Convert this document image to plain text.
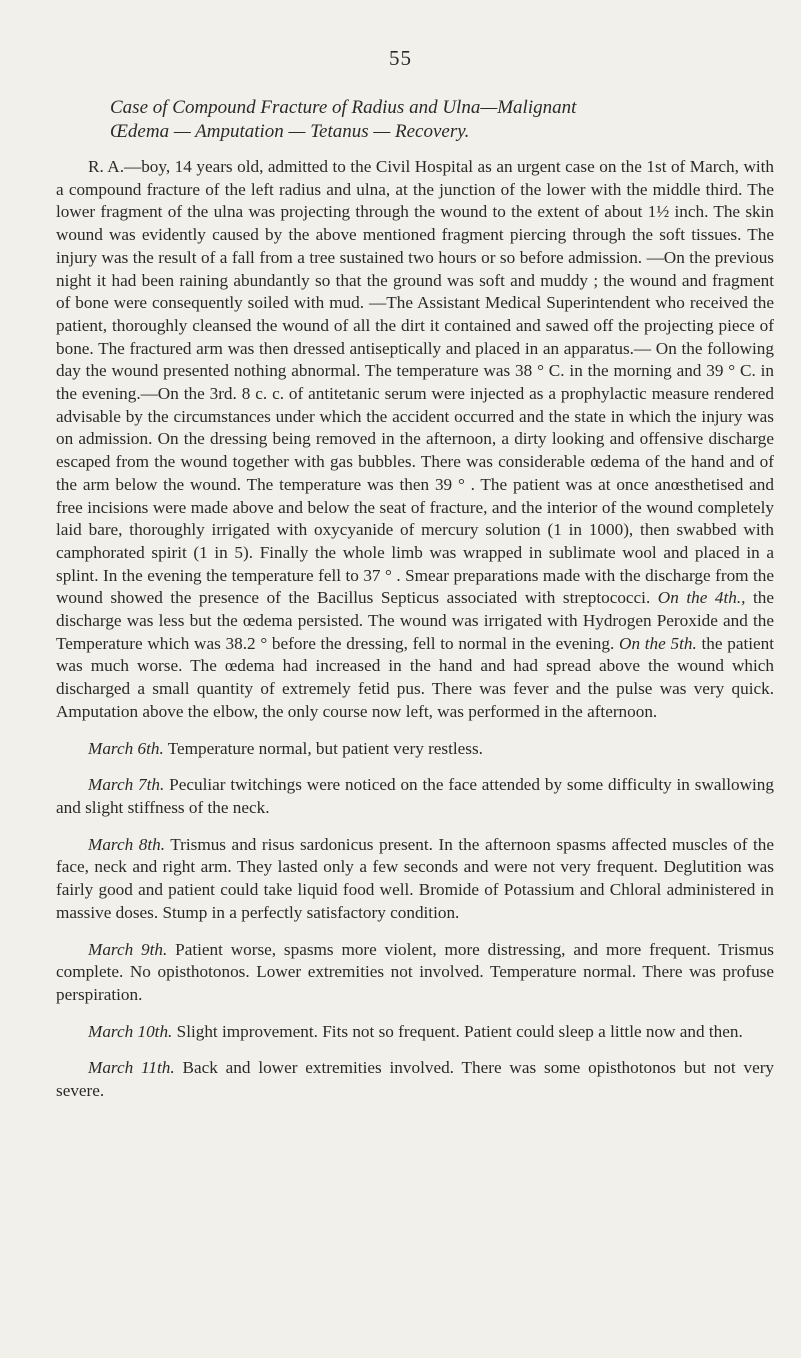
55
Case of Compound Fracture of Radius and Ulna—Malignant
Œdema — Amputation — Tetanus — Recovery.

R. A.—boy, 14 years old, admitted to the Civil Hospital as an urgent case on the 1st of March, with a compound fracture of the left radius and ulna, at the junction of the lower with the middle third. The lower fragment of the ulna was projecting through the wound to the extent of about 1½ inch. The skin wound was evidently caused by the above mentioned fragment piercing through the soft tissues. The injury was the result of a fall from a tree sustained two hours or so before admission. —On the previous night it had been raining abundantly so that the ground was soft and muddy ; the wound and fragment of bone were consequently soiled with mud. —The Assistant Medical Superintendent who received the patient, thoroughly cleansed the wound of all the dirt it contained and sawed off the projecting piece of bone. The fractured arm was then dressed antiseptically and placed in an apparatus.— On the following day the wound presented nothing abnormal. The temperature was 38 ° C. in the morning and 39 ° C. in the evening.—On the 3rd. 8 c. c. of antitetanic serum were injected as a prophylactic measure rendered advisable by the circumstances under which the accident occurred and the state in which the injury was on admission. On the dressing being removed in the afternoon, a dirty looking and offensive discharge escaped from the wound together with gas bubbles. There was considerable œdema of the hand and of the arm below the wound. The temperature was then 39 ° . The patient was at once anœsthetised and free incisions were made above and below the seat of fracture, and the interior of the wound completely laid bare, thoroughly irrigated with oxycyanide of mercury solution (1 in 1000), then swabbed with camphorated spirit (1 in 5). Finally the whole limb was wrapped in sublimate wool and placed in a splint. In the evening the temperature fell to 37 ° . Smear preparations made with the discharge from the wound showed the presence of the Bacillus Septicus associated with streptococci. On the 4th., the discharge was less but the œdema persisted. The wound was irrigated with Hydrogen Peroxide and the Temperature which was 38.2 ° before the dressing, fell to normal in the evening. On the 5th. the patient was much worse. The œdema had increased in the hand and had spread above the wound which discharged a small quantity of extremely fetid pus. There was fever and the pulse was very quick. Amputation above the elbow, the only course now left, was performed in the afternoon.

March 6th. Temperature normal, but patient very restless.

March 7th. Peculiar twitchings were noticed on the face attended by some difficulty in swallowing and slight stiffness of the neck.

March 8th. Trismus and risus sardonicus present. In the afternoon spasms affected muscles of the face, neck and right arm. They lasted only a few seconds and were not very frequent. Deglutition was fairly good and patient could take liquid food well. Bromide of Potassium and Chloral administered in massive doses. Stump in a perfectly satisfactory condition.

March 9th. Patient worse, spasms more violent, more distressing, and more frequent. Trismus complete. No opisthotonos. Lower extremities not involved. Temperature normal. There was profuse perspiration.

March 10th. Slight improvement. Fits not so frequent. Patient could sleep a little now and then.

March 11th. Back and lower extremities involved. There was some opisthotonos but not very severe.
